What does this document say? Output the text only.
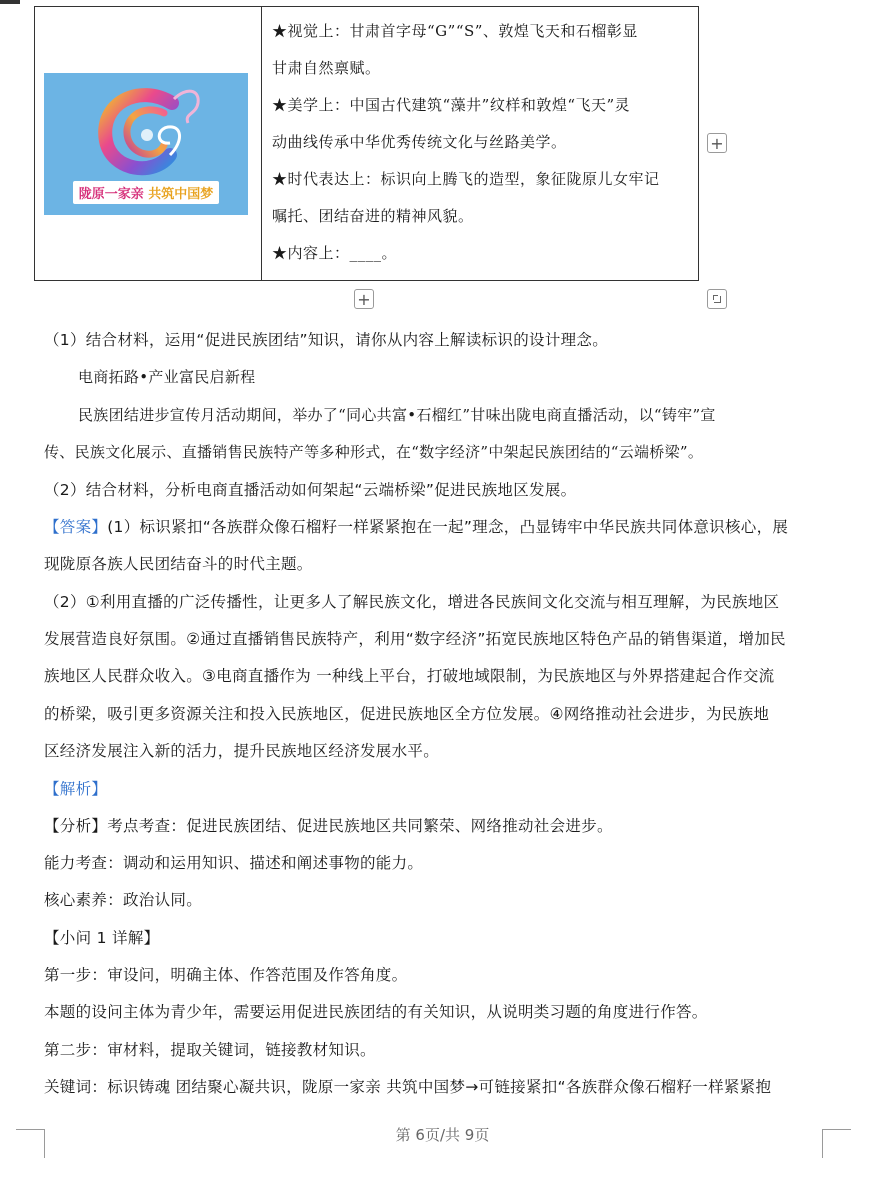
陇原一家亲 共筑中国梦
★视觉上：甘肃首字母“G”“S”、敦煌飞天和石榴彰显
甘肃自然禀赋。
★美学上：中国古代建筑“藻井”纹样和敦煌“飞天”灵
动曲线传承中华优秀传统文化与丝路美学。
★时代表达上：标识向上腾飞的造型，象征陇原儿女牢记
嘱托、团结奋进的精神风貌。
★内容上：____。
+
+
（1）结合材料，运用“促进民族团结”知识，请你从内容上解读标识的设计理念。
电商拓路•产业富民启新程
民族团结进步宣传月活动期间，举办了“同心共富•石榴红”甘味出陇电商直播活动，以“铸牢”宣
传、民族文化展示、直播销售民族特产等多种形式，在“数字经济”中架起民族团结的“云端桥梁”。
（2）结合材料，分析电商直播活动如何架起“云端桥梁”促进民族地区发展。
【答案】(1）标识紧扣“各族群众像石榴籽一样紧紧抱在一起”理念，凸显铸牢中华民族共同体意识核心，展
现陇原各族人民团结奋斗的时代主题。
（2）①利用直播的广泛传播性，让更多人了解民族文化，增进各民族间文化交流与相互理解，为民族地区
发展营造良好氛围。②通过直播销售民族特产，利用“数字经济”拓宽民族地区特色产品的销售渠道，增加民
族地区人民群众收入。③电商直播作为 一种线上平台，打破地域限制，为民族地区与外界搭建起合作交流
的桥梁，吸引更多资源关注和投入民族地区，促进民族地区全方位发展。④网络推动社会进步，为民族地
区经济发展注入新的活力，提升民族地区经济发展水平。
【解析】
【分析】考点考查：促进民族团结、促进民族地区共同繁荣、网络推动社会进步。
能力考查：调动和运用知识、描述和阐述事物的能力。
核心素养：政治认同。
【小问 1 详解】
第一步：审设问，明确主体、作答范围及作答角度。
本题的设问主体为青少年，需要运用促进民族团结的有关知识，从说明类习题的角度进行作答。
第二步：审材料，提取关键词，链接教材知识。
关键词：标识铸魂 团结聚心凝共识，陇原一家亲 共筑中国梦→可链接紧扣“各族群众像石榴籽一样紧紧抱
第 6页/共 9页
